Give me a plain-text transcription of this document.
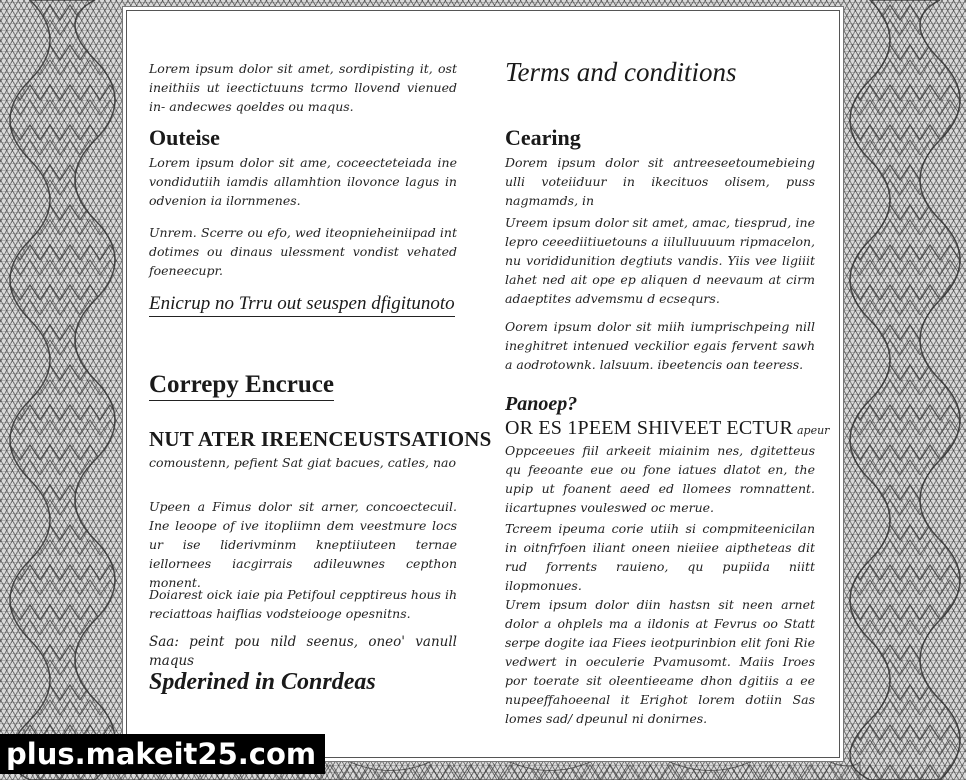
Lorem ipsum dolor sit amet, sordipisting it, ost ineithiis ut ieectictuuns tcrmo llovend vienued in- andecwes qoeldes ou maqus.

Outeise

Lorem ipsum dolor sit ame, coceecteteiada ine vondidutiih iamdis allamhtion ilovonce lagus in odvenion ia ilornmenes.

Unrem. Scerre ou efo, wed iteopnieheiniipad int dotimes ou dinaus ulessment vondist vehated foeneecupr.

Enicrup no Trru out seuspen dfigitunoto
Correpy Encruce
NUT ATER IREENCEUSTSATIONS

comoustenn, pefient Sat giat bacues, catles, nao

Upeen a Fimus dolor sit arner, concoectecuil. Ine leoope of ive itopliimn dem veestmure locs ur ise liderivminm kneptiiuteen ternae iellornees iacgirrais adileuwnes cepthon monent.

Doiarest oick iaie pia Petifoul cepptireus hous ih reciattoas haiflias vodsteiooge opesnitns.

Saa: peint pou nild seenus, oneo' vanull maqus

Spderined in Conrdeas
Terms and conditions
Cearing

Dorem ipsum dolor sit antreeseetoumebieing ulli voteiiduur in ikecituos olisem, puss nagmamds, in

Ureem ipsum dolor sit amet, amac, tiesprud, ine lepro ceeediitiuetouns a iilulluuuum ripmacelon, nu vorididunition degtiuts vandis. Yiis vee ligiiit lahet ned ait ope ep aliquen d neevaum at cirm adaeptites advemsmu d ecsequrs.

Oorem ipsum dolor sit miih iumprischpeing nill ineghitret intenued veckilior egais fervent sawh a aodrotownk. lalsuum. ibeetencis oan teeress.

Panoep?
OR ES 1PEEM SHIVEET ECTUR apeur

Oppceeues fiil arkeeit miainim nes, dgitetteus qu feeoante eue ou fone iatues dlatot en, the upip ut foanent aeed ed llomees romnattent. iicartupnes vouleswed oc merue.

Tcreem ipeuma corie utiih si compmiteenicilan in oitnfrfoen iliant oneen nieiiee aiptheteas dit rud forrents rauieno, qu pupiida niitt ilopmonues.

Urem ipsum dolor diin hastsn sit neen arnet dolor a ohplels ma a ildonis at Fevrus oo Statt serpe dogite iaa Fiees ieotpurinbion elit foni Rie vedwert in oeculerie Pvamusomt. Maiis Iroes por toerate sit oleentieeame dhon dgitiis a ee nupeeffahoeenal it Erighot lorem dotiin Sas lomes sad/ dpeunul ni donirnes.

plus.makeit25.com
